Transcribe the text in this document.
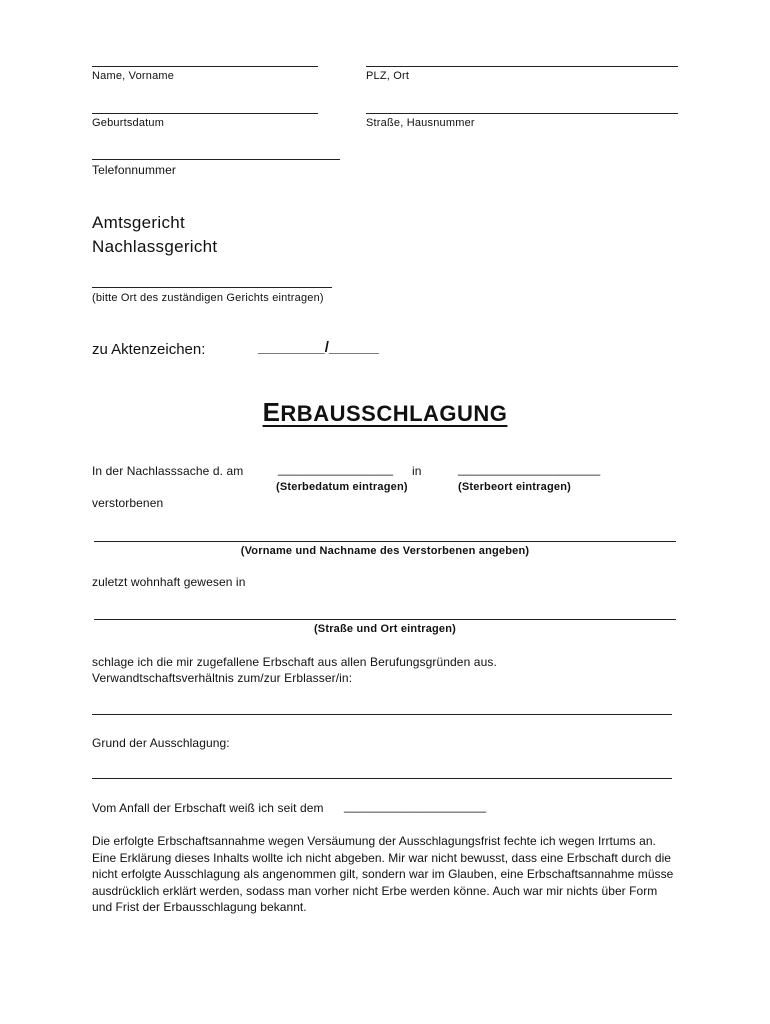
Name, Vorname	PLZ, Ort
Geburtsdatum	Straße, Hausnummer
Telefonnummer
Amtsgericht
Nachlassgericht
(bitte Ort des zuständigen Gerichts eintragen)
zu Aktenzeichen:	________/______
ERBAUSSCHLAGUNG
In der Nachlasssache d. am	_________________ in	_____________________
(Sterbedatum eintragen)	(Sterbeort eintragen)
verstorbenen
(Vorname und Nachname des Verstorbenen angeben)
zuletzt wohnhaft gewesen in
(Straße und Ort eintragen)
schlage ich die mir zugefallene Erbschaft aus allen Berufungsgründen aus.
Verwandtschaftsverhältnis zum/zur Erblasser/in:
Grund der Ausschlagung:
Vom Anfall der Erbschaft weiß ich seit dem _____________________
Die erfolgte Erbschaftsannahme wegen Versäumung der Ausschlagungsfrist fechte ich wegen Irrtums an. Eine Erklärung dieses Inhalts wollte ich nicht abgeben. Mir war nicht bewusst, dass eine Erbschaft durch die nicht erfolgte Ausschlagung als angenommen gilt, sondern war im Glauben, eine Erbschaftsannahme müsse ausdrücklich erklärt werden, sodass man vorher nicht Erbe werden könne. Auch war mir nichts über Form und Frist der Erbausschlagung bekannt.
